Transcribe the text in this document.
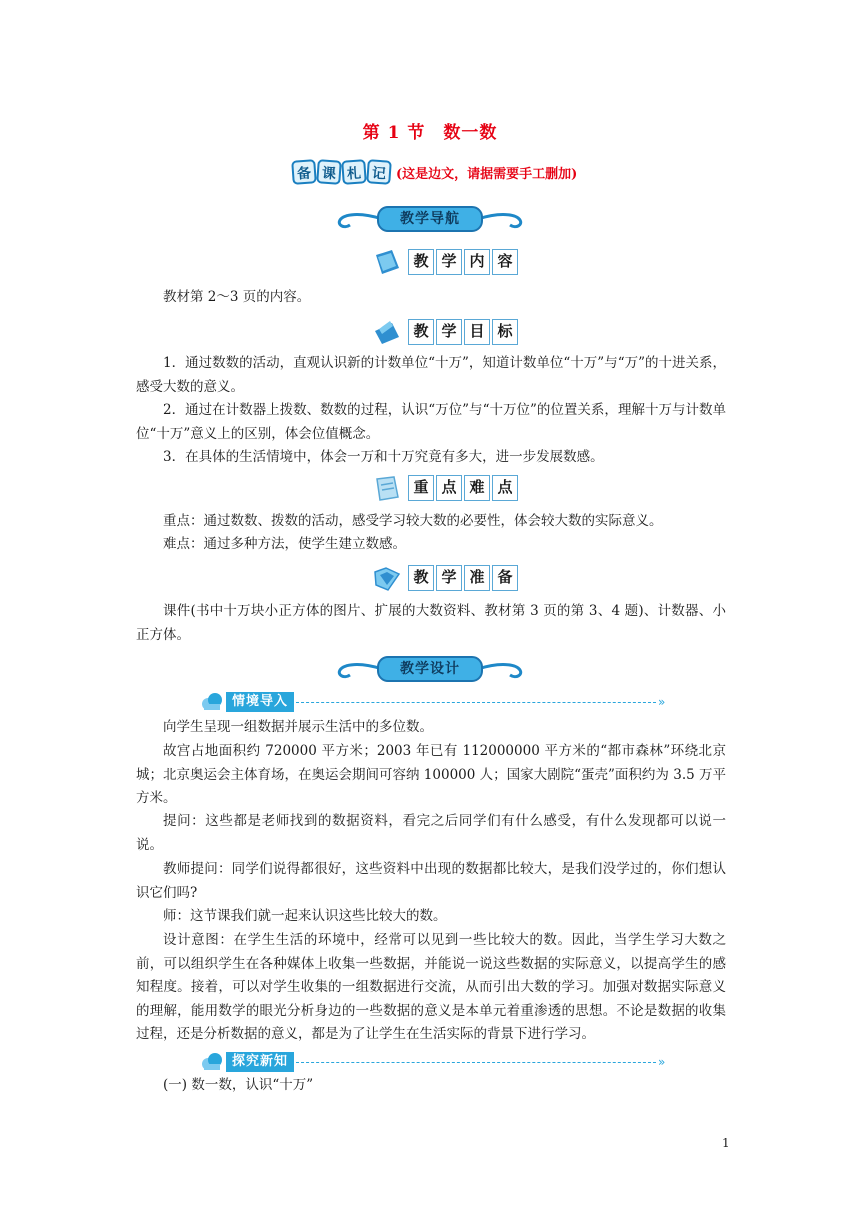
第 1 节　数一数
备 课 札 记 (这是边文，请据需要手工删加)
教学导航
教 学 内 容

教材第 2～3 页的内容。

教 学 目 标

1．通过数数的活动，直观认识新的计数单位“十万”，知道计数单位“十万”与“万”的十进关系，感受大数的意义。

2．通过在计数器上拨数、数数的过程，认识“万位”与“十万位”的位置关系，理解十万与计数单位“十万”意义上的区别，体会位值概念。

3．在具体的生活情境中，体会一万和十万究竟有多大，进一步发展数感。

重 点 难 点

重点：通过数数、拨数的活动，感受学习较大数的必要性，体会较大数的实际意义。

难点：通过多种方法，使学生建立数感。

教 学 准 备

课件(书中十万块小正方体的图片、扩展的大数资料、教材第 3 页的第 3、4 题)、计数器、小正方体。

教学设计
情境导入	»

向学生呈现一组数据并展示生活中的多位数。

故宫占地面积约 720000 平方米；2003 年已有 112000000 平方米的“都市森林”环绕北京城；北京奥运会主体育场，在奥运会期间可容纳 100000 人；国家大剧院“蛋壳”面积约为 3.5 万平方米。

提问：这些都是老师找到的数据资料，看完之后同学们有什么感受，有什么发现都可以说一说。

教师提问：同学们说得都很好，这些资料中出现的数据都比较大，是我们没学过的，你们想认识它们吗?

师：这节课我们就一起来认识这些比较大的数。

设计意图：在学生生活的环境中，经常可以见到一些比较大的数。因此，当学生学习大数之前，可以组织学生在各种媒体上收集一些数据，并能说一说这些数据的实际意义，以提高学生的感知程度。接着，可以对学生收集的一组数据进行交流，从而引出大数的学习。加强对数据实际意义的理解，能用数学的眼光分析身边的一些数据的意义是本单元着重渗透的思想。不论是数据的收集过程，还是分析数据的意义，都是为了让学生在生活实际的背景下进行学习。

探究新知	»

(一) 数一数，认识“十万”

1
